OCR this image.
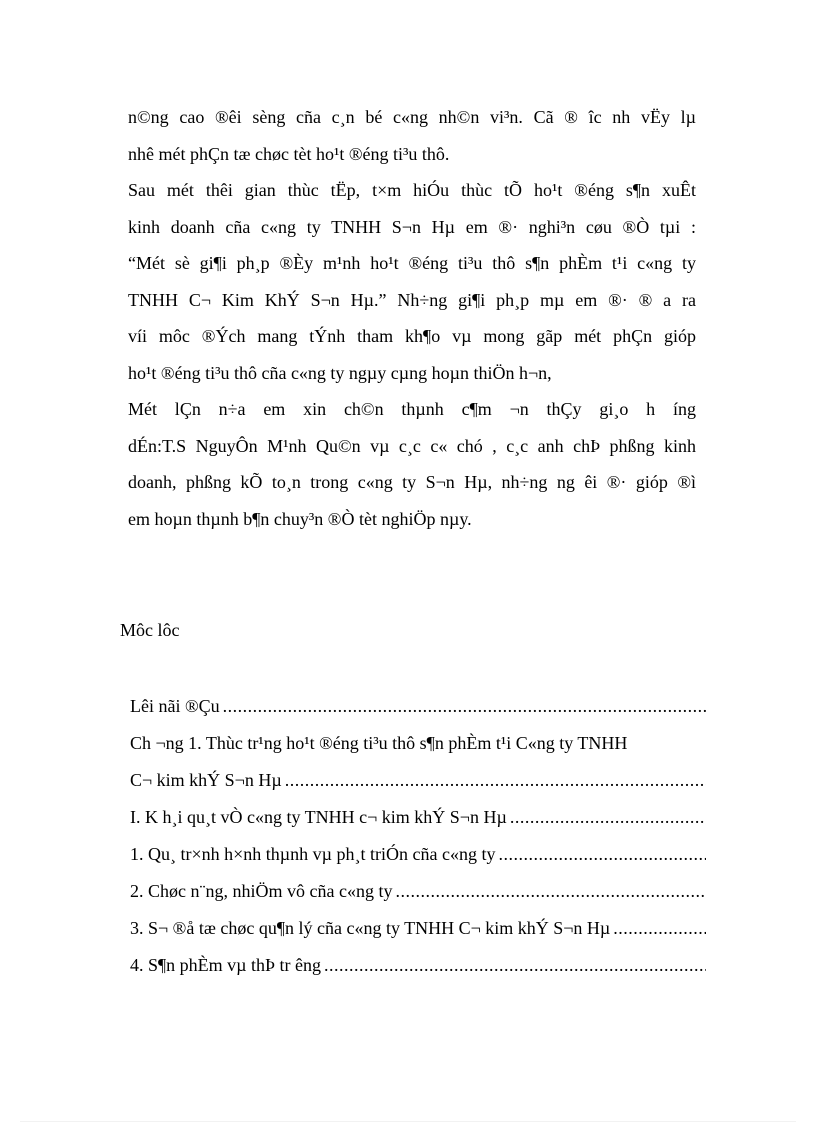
n©ng cao ®êi sèng cña c¸n bé c«ng nh©n vi³n. Cã ® îc nh vËy lµ

nhê mét phÇn tæ chøc tèt ho¹t ®éng ti³u thô.

Sau mét thêi gian thùc tËp, t×m hiÓu thùc tÕ ho¹t ®éng s¶n xuÊt

kinh doanh cña c«ng ty TNHH S¬n Hµ em ®· nghi³n cøu ®Ò tµi :

“Mét sè gi¶i ph¸p ®Èy m¹nh ho¹t ®éng ti³u thô s¶n phÈm t¹i c«ng ty

TNHH C¬ Kim KhÝ S¬n Hµ.” Nh÷ng gi¶i ph¸p mµ em ®· ® a ra

víi môc ®Ých mang tÝnh tham kh¶o vµ mong gãp mét phÇn gióp

ho¹t ®éng ti³u thô cña c«ng ty ngµy cµng hoµn thiÖn h¬n,

Mét lÇn n÷a em xin ch©n thµnh c¶m ¬n thÇy gi¸o h íng

dÉn:T.S NguyÔn M¹nh Qu©n vµ c¸c c« chó , c¸c anh chÞ phßng kinh

doanh, phßng kÕ to¸n trong c«ng ty S¬n Hµ, nh÷ng ng êi ®· gióp ®ì

em hoµn thµnh b¶n chuy³n ®Ò tèt nghiÖp nµy.

Môc lôc
Lêi nãi ®Çu
.....
Ch ¬ng 1. Thùc tr¹ng ho¹t ®éng ti³u thô s¶n phÈm t¹i C«ng ty TNHH
C¬ kim khÝ S¬n Hµ
.....
I. K h¸i qu¸t vÒ c«ng ty TNHH c¬ kim khÝ S¬n Hµ
.....
1. Qu¸ tr×nh h×nh thµnh vµ ph¸t triÓn cña c«ng ty
.....
2. Chøc n¨ng, nhiÖm vô cña c«ng ty
.....
3. S¬ ®å tæ chøc qu¶n lý cña c«ng ty TNHH C¬ kim khÝ S¬n Hµ
.....
4. S¶n phÈm vµ thÞ tr êng
.....
